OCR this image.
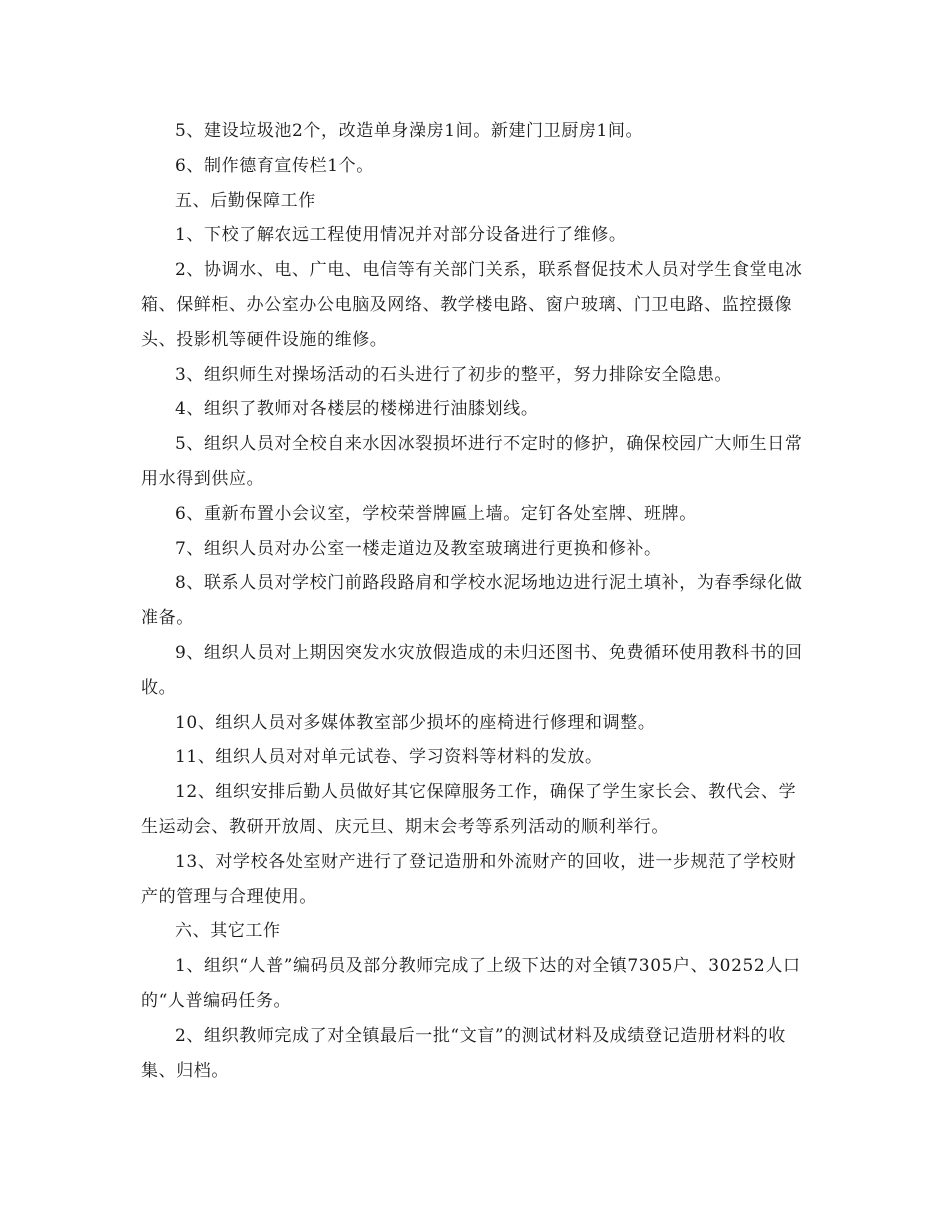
5、建设垃圾池2个，改造单身澡房1间。新建门卫厨房1间。

6、制作德育宣传栏1个。

五、后勤保障工作

1、下校了解农远工程使用情况并对部分设备进行了维修。

2、协调水、电、广电、电信等有关部门关系，联系督促技术人员对学生食堂电冰箱、保鲜柜、办公室办公电脑及网络、教学楼电路、窗户玻璃、门卫电路、监控摄像头、投影机等硬件设施的维修。

3、组织师生对操场活动的石头进行了初步的整平，努力排除安全隐患。

4、组织了教师对各楼层的楼梯进行油膝划线。

5、组织人员对全校自来水因冰裂损坏进行不定时的修护，确保校园广大师生日常用水得到供应。

6、重新布置小会议室，学校荣誉牌匾上墙。定钉各处室牌、班牌。

7、组织人员对办公室一楼走道边及教室玻璃进行更换和修补。

8、联系人员对学校门前路段路肩和学校水泥场地边进行泥土填补，为春季绿化做准备。

9、组织人员对上期因突发水灾放假造成的未归还图书、免费循环使用教科书的回收。

10、组织人员对多媒体教室部少损坏的座椅进行修理和调整。

11、组织人员对对单元试卷、学习资料等材料的发放。

12、组织安排后勤人员做好其它保障服务工作，确保了学生家长会、教代会、学生运动会、教研开放周、庆元旦、期末会考等系列活动的顺利举行。

13、对学校各处室财产进行了登记造册和外流财产的回收，进一步规范了学校财产的管理与合理使用。

六、其它工作

1、组织“人普”编码员及部分教师完成了上级下达的对全镇7305户、30252人口的“人普编码任务。

2、组织教师完成了对全镇最后一批“文盲”的测试材料及成绩登记造册材料的收集、归档。
